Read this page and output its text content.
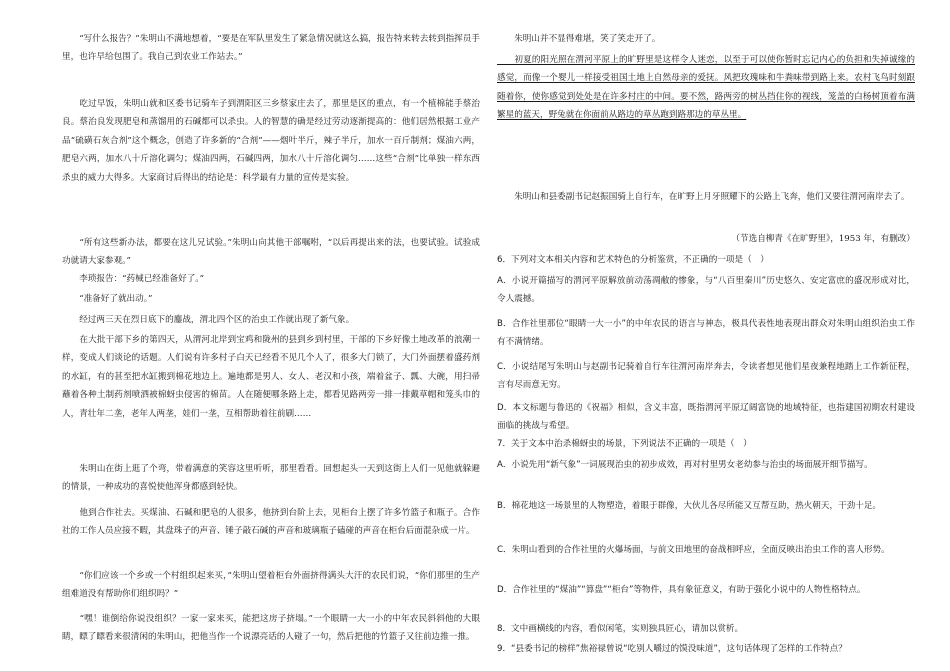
　　“写什么报告？”朱明山不满地想着，“要是在军队里发生了紧急情况就这么搞，报告特来转去转到指挥员手里，也许早给包围了。我自己到农业工作站去。”

　　吃过早饭，朱明山就和区委书记骑车子到渭阳区三乡蔡家庄去了，那里是区的重点，有一个植棉能手蔡治良。蔡治良发现肥皂和蒸馏用的石碱都可以杀虫。人的智慧的确是经过劳动逐渐提高的：他们居然根据工业产品“硫磺石灰合剂”这个概念，创造了许多新的“合剂”——烟叶半斤，辣子半斤，加水一百斤制剂；煤油六两，肥皂六两，加水八十斤溶化调匀；煤油四两，石碱四两，加水八十斤溶化调匀……这些“合剂”比单独一样东西杀虫的威力大得多。大家商讨后得出的结论是：科学最有力量的宣传是实验。

　　“所有这些新办法，都要在这儿兄试验。”朱明山向其他干部嘱咐，“以后再提出来的法，也要试验。试验成功就请大家参观。”

　　李琐报告：“药械已经准备好了。”

　　“准备好了就出动。”

　　经过两三天在烈日底下的鏖战，渭北四个区的治虫工作就出现了新气象。

　　在大批干部下乡的第四天，从渭河北岸到宝鸡和陇州的县到乡到村里，干部的下乡好像土地改革的浪潮一样，变成人们谈论的话题。人们说有许多村子白天已经看不见几个人了，很多大门锁了，大门外面摆着盛药剂的水缸，有的甚至把水缸搬到棉花地边上。遍地都是男人、女人、老汉和小孩，端着盆子、瓢、大碗，用扫帚蘸着各种土制药剂喷洒被棉蚜虫侵害的棉苗。人在随便哪条路上走，都看见路两旁一排一排戴草帽和笼头巾的人，青壮年二垄，老年人两垄，娃们一垄，互相帮助着往前刷……

　　朱明山在街上逛了个弯，带着满意的笑容这里听听，那里看看。回想起头一天到这街上人们一见他就躲避的情景，一种成功的喜悦使他浑身都感到轻快。

　　他到合作社去。买煤油、石碱和肥皂的人很多，他挤到台阶上去，见柜台上摆了许多竹篮子和瓶子。合作社的工作人员应接不暇，其盘珠子的声音、锤子敲石碱的声音和玻璃瓶子磕碰的声音在柜台后面混杂成一片。

　　“你们应该一个乡或一个村组织起来买，”朱明山望着柜台外面挤得满头大汗的农民们说，“你们那里的生产组难道没有帮助你们组织吗？”

　　“嘿！谁倒给你说没组织？一家一家来买，能把这房子挤塌。”一个眼睛一大一小的中年农民斜斜他的大眼睛，瞟了瞟看来很清闲的朱明山，把他当作一个说漂亮话的人碰了一句，然后把他的竹篮子又往前边推一推。

　　朱明山并不显得难堪，笑了笑走开了。

　　初夏的阳光照在渭河平原上的旷野里是这样令人迷恋，以至于可以使你暂时忘记内心的负担和失掉诚缘的感觉，而像一个婴儿一样接受祖国土地上自然母亲的爱抚。风把玫瑰味和牛粪味带到路上来。农村飞鸟时刻跟随着你，使你感觉到处处是在许多村庄的中间。要不然，路两旁的树丛挡住你的视线，笼盖的白杨树顶着布满繁星的蓝天，野兔就在你面前从路边的草丛跑到路那边的草丛里。

　　朱明山和县委副书记赵振国骑上自行车，在旷野上月牙照耀下的公路上飞奔，他们又要往渭河南岸去了。

（节选自柳青《在旷野里》，1953 年，有删改）

6．下列对文本相关内容和艺术特色的分析鉴赏，不正确的一项是（　）

A．小说开篇描写的渭河平原解放前动荡凋敝的惨象，与“八百里秦川”历史悠久、安定富庶的盛况形成对比，令人震撼。

B．合作社里那位“眼睛一大一小”的中年农民的语言与神态，极具代表性地表现出群众对朱明山组织治虫工作有不满情绪。

C．小说结尾写朱明山与赵副书记骑着自行车往渭河南岸奔去，令读者想见他们星夜兼程地踏上工作新征程，言有尽而意无穷。

D．本文标题与鲁迅的《祝福》相似，含义丰富，既指渭河平原辽阔富饶的地域特征，也指建国初期农村建设面临的挑战与希望。

7．关于文本中治杀棉蚜虫的场景，下列说法不正确的一项是（　）

A．小说先用“新气象”一词展现治虫的初步成效，再对村里男女老幼参与治虫的场面展开细节描写。

B．棉花地这一场景里的人物塑造，着眼于群像，大伙儿各尽所能又互帮互助，热火朝天，干劲十足。

C．朱明山看到的合作社里的火爆场面，与前文田地里的奋战相呼应，全面反映出治虫工作的喜人形势。

D．合作社里的“煤油”“算盘”“柜台”等物件，具有象征意义，有助于强化小说中的人物性格特点。

8．文中画横线的内容，看似闲笔，实则独具匠心，请加以赏析。
9．“县委书记的榜样”焦裕禄曾说“吃别人嚼过的馍没味道”，这句话体现了怎样的工作特点？
